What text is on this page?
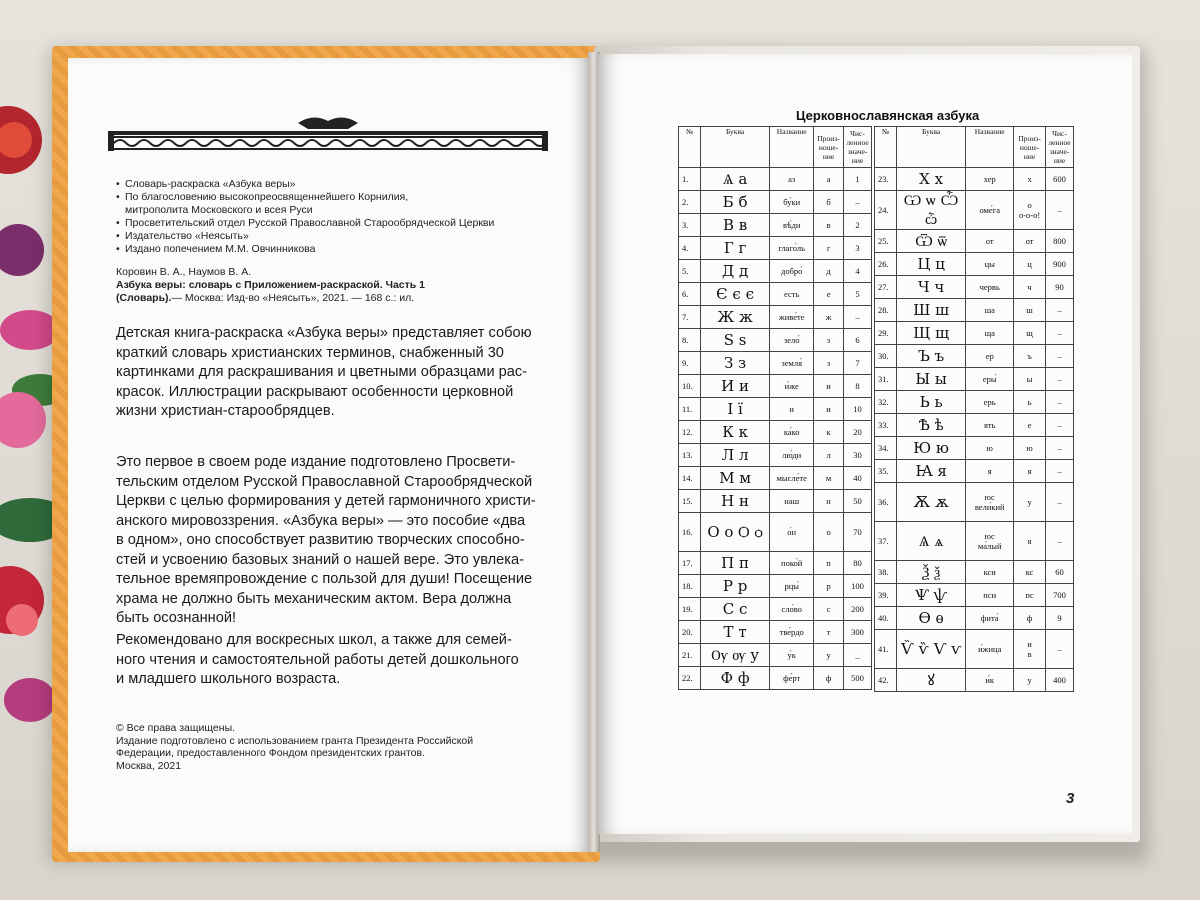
• Словарь-раскраска «Азбука веры»
• По благословению высокопреосвященнейшего Корнилия,
митрополита Московского и всея Руси
• Просветительский отдел Русской Православной Старообрядческой Церкви
• Издательство «Неясыть»
• Издано попечением М.М. Овчинникова
Коровин В. А., Наумов В. А.
Азбука веры: словарь с Приложением-раскраской. Часть 1
(Словарь).— Москва: Изд-во «Неясыть», 2021. — 168 с.: ил.
Детская книга-раскраска «Азбука веры» представляет собою
краткий словарь христианских терминов, снабженный 30
картинками для раскрашивания и цветными образцами рас-
красок. Иллюстрации раскрывают особенности церковной
жизни христиан-старообрядцев.
Это первое в своем роде издание подготовлено Просвети-
тельским отделом Русской Православной Старообрядческой
Церкви с целью формирования у детей гармоничного христи-
анского мировоззрения. «Азбука веры» — это пособие «два
в одном», оно способствует развитию творческих способно-
стей и усвоению базовых знаний о нашей вере. Это увлека-
тельное времяпровождение с пользой для души! Посещение
храма не должно быть механическим актом. Вера должна
быть осознанной!
Рекомендовано для воскресных школ, а также для семей-
ного чтения и самостоятельной работы детей дошкольного
и младшего школьного возраста.
© Все права защищены.
Издание подготовлено с использованием гранта Президента Российской
Федерации, предоставленного Фондом президентских грантов.
Москва, 2021
Церковнославянская азбука
№	Буква	Название	Произ-
ноше-
ние	Чис-
ленное
значе-
ние
1.	Ѧ а	аз	а	1
2.	Б б	бу́ки	б	–
3.	В в	вѣ́ди	в	2
4.	Г г	глаго́ль	г	3
5.	Д д	добро́	д	4
6.	Є є є	есть	е	5
7.	Ж ж	живе́те	ж	–
8.	Ѕ ѕ	зело́	з	6
9.	З з	земля́	з	7
10.	И и	и́же	и	8
11.	І ї	и	и	10
12.	К к	ка́ко	к	20
13.	Л л	лю́ди	л	30
14.	М м	мысле́те	м	40
15.	Н н	наш	н	50
16.	О о Ѻ ѻ	о́н	о	70
17.	П п	поко́й	п	80
18.	Р р	рцы́	р	100
19.	С с	сло́во	с	200
20.	Т т	тве́рдо	т	300
21.	Ѹ ѹ у	у́к	у	_
22.	Ф ф	фе́рт	ф	500
№	Буква	Название	Произ-
ноше-
ние	Чис-
ленное
значе-
ние
23.	Х х	хер	х	600
24.	Ѡ ѡ Ѽ ѽ	оме́га	о
о-о-о!	–
25.	Ѿ ѿ	от	от	800
26.	Ц ц	цы	ц	900
27.	Ч ч	червь	ч	90
28.	Ш ш	ша	ш	–
29.	Щ щ	ща	щ	–
30.	Ъ ъ	ер	ъ	–
31.	Ы ы	еры́	ы	–
32.	Ь ь	ерь	ь	–
33.	Ѣ ѣ	ять	е	–
34.	Ю ю	ю	ю	–
35.	Ꙗ я	я	я	–
36.	Ѫ ѫ	юс
вели́кий	у	–
37.	Ѧ ѧ	юс
ма́лый	я	–
38.	Ѯ ѯ	кси	кс	60
39.	Ѱ ѱ	пси	пс	700
40.	Ѳ ѳ	фита́	ф	9
41.	Ѷ ѷ Ѵ ѵ	и́жица	и
в	–
42.	ꙋ	и́к	у	400
3
